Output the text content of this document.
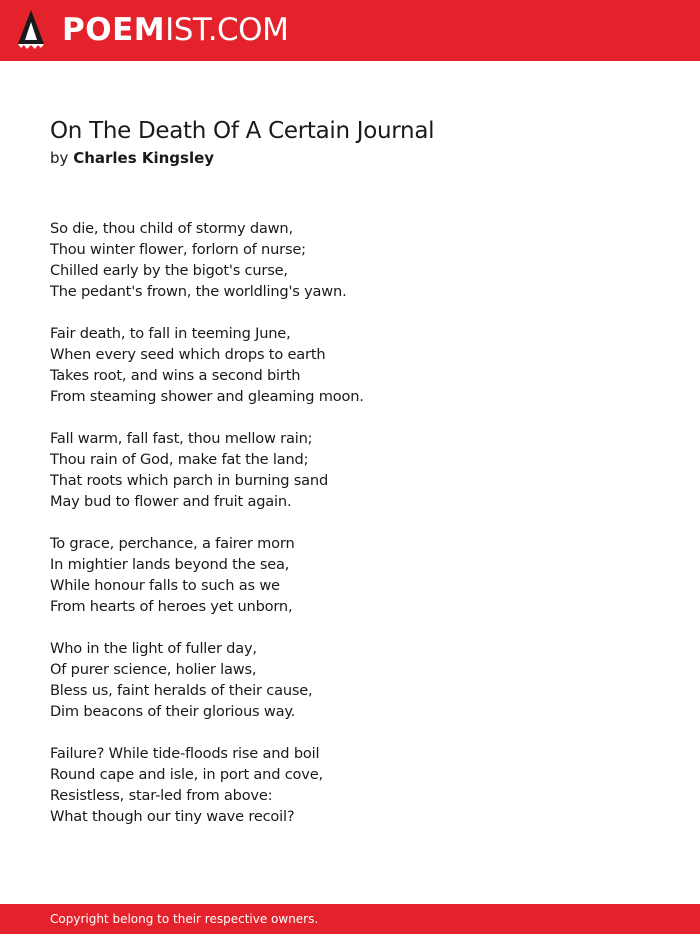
POEMIST.COM
On The Death Of A Certain Journal
by Charles Kingsley
So die, thou child of stormy dawn,
Thou winter flower, forlorn of nurse;
Chilled early by the bigot's curse,
The pedant's frown, the worldling's yawn.
Fair death, to fall in teeming June,
When every seed which drops to earth
Takes root, and wins a second birth
From steaming shower and gleaming moon.
Fall warm, fall fast, thou mellow rain;
Thou rain of God, make fat the land;
That roots which parch in burning sand
May bud to flower and fruit again.
To grace, perchance, a fairer morn
In mightier lands beyond the sea,
While honour falls to such as we
From hearts of heroes yet unborn,
Who in the light of fuller day,
Of purer science, holier laws,
Bless us, faint heralds of their cause,
Dim beacons of their glorious way.
Failure? While tide-floods rise and boil
Round cape and isle, in port and cove,
Resistless, star-led from above:
What though our tiny wave recoil?
Copyright belong to their respective owners.
